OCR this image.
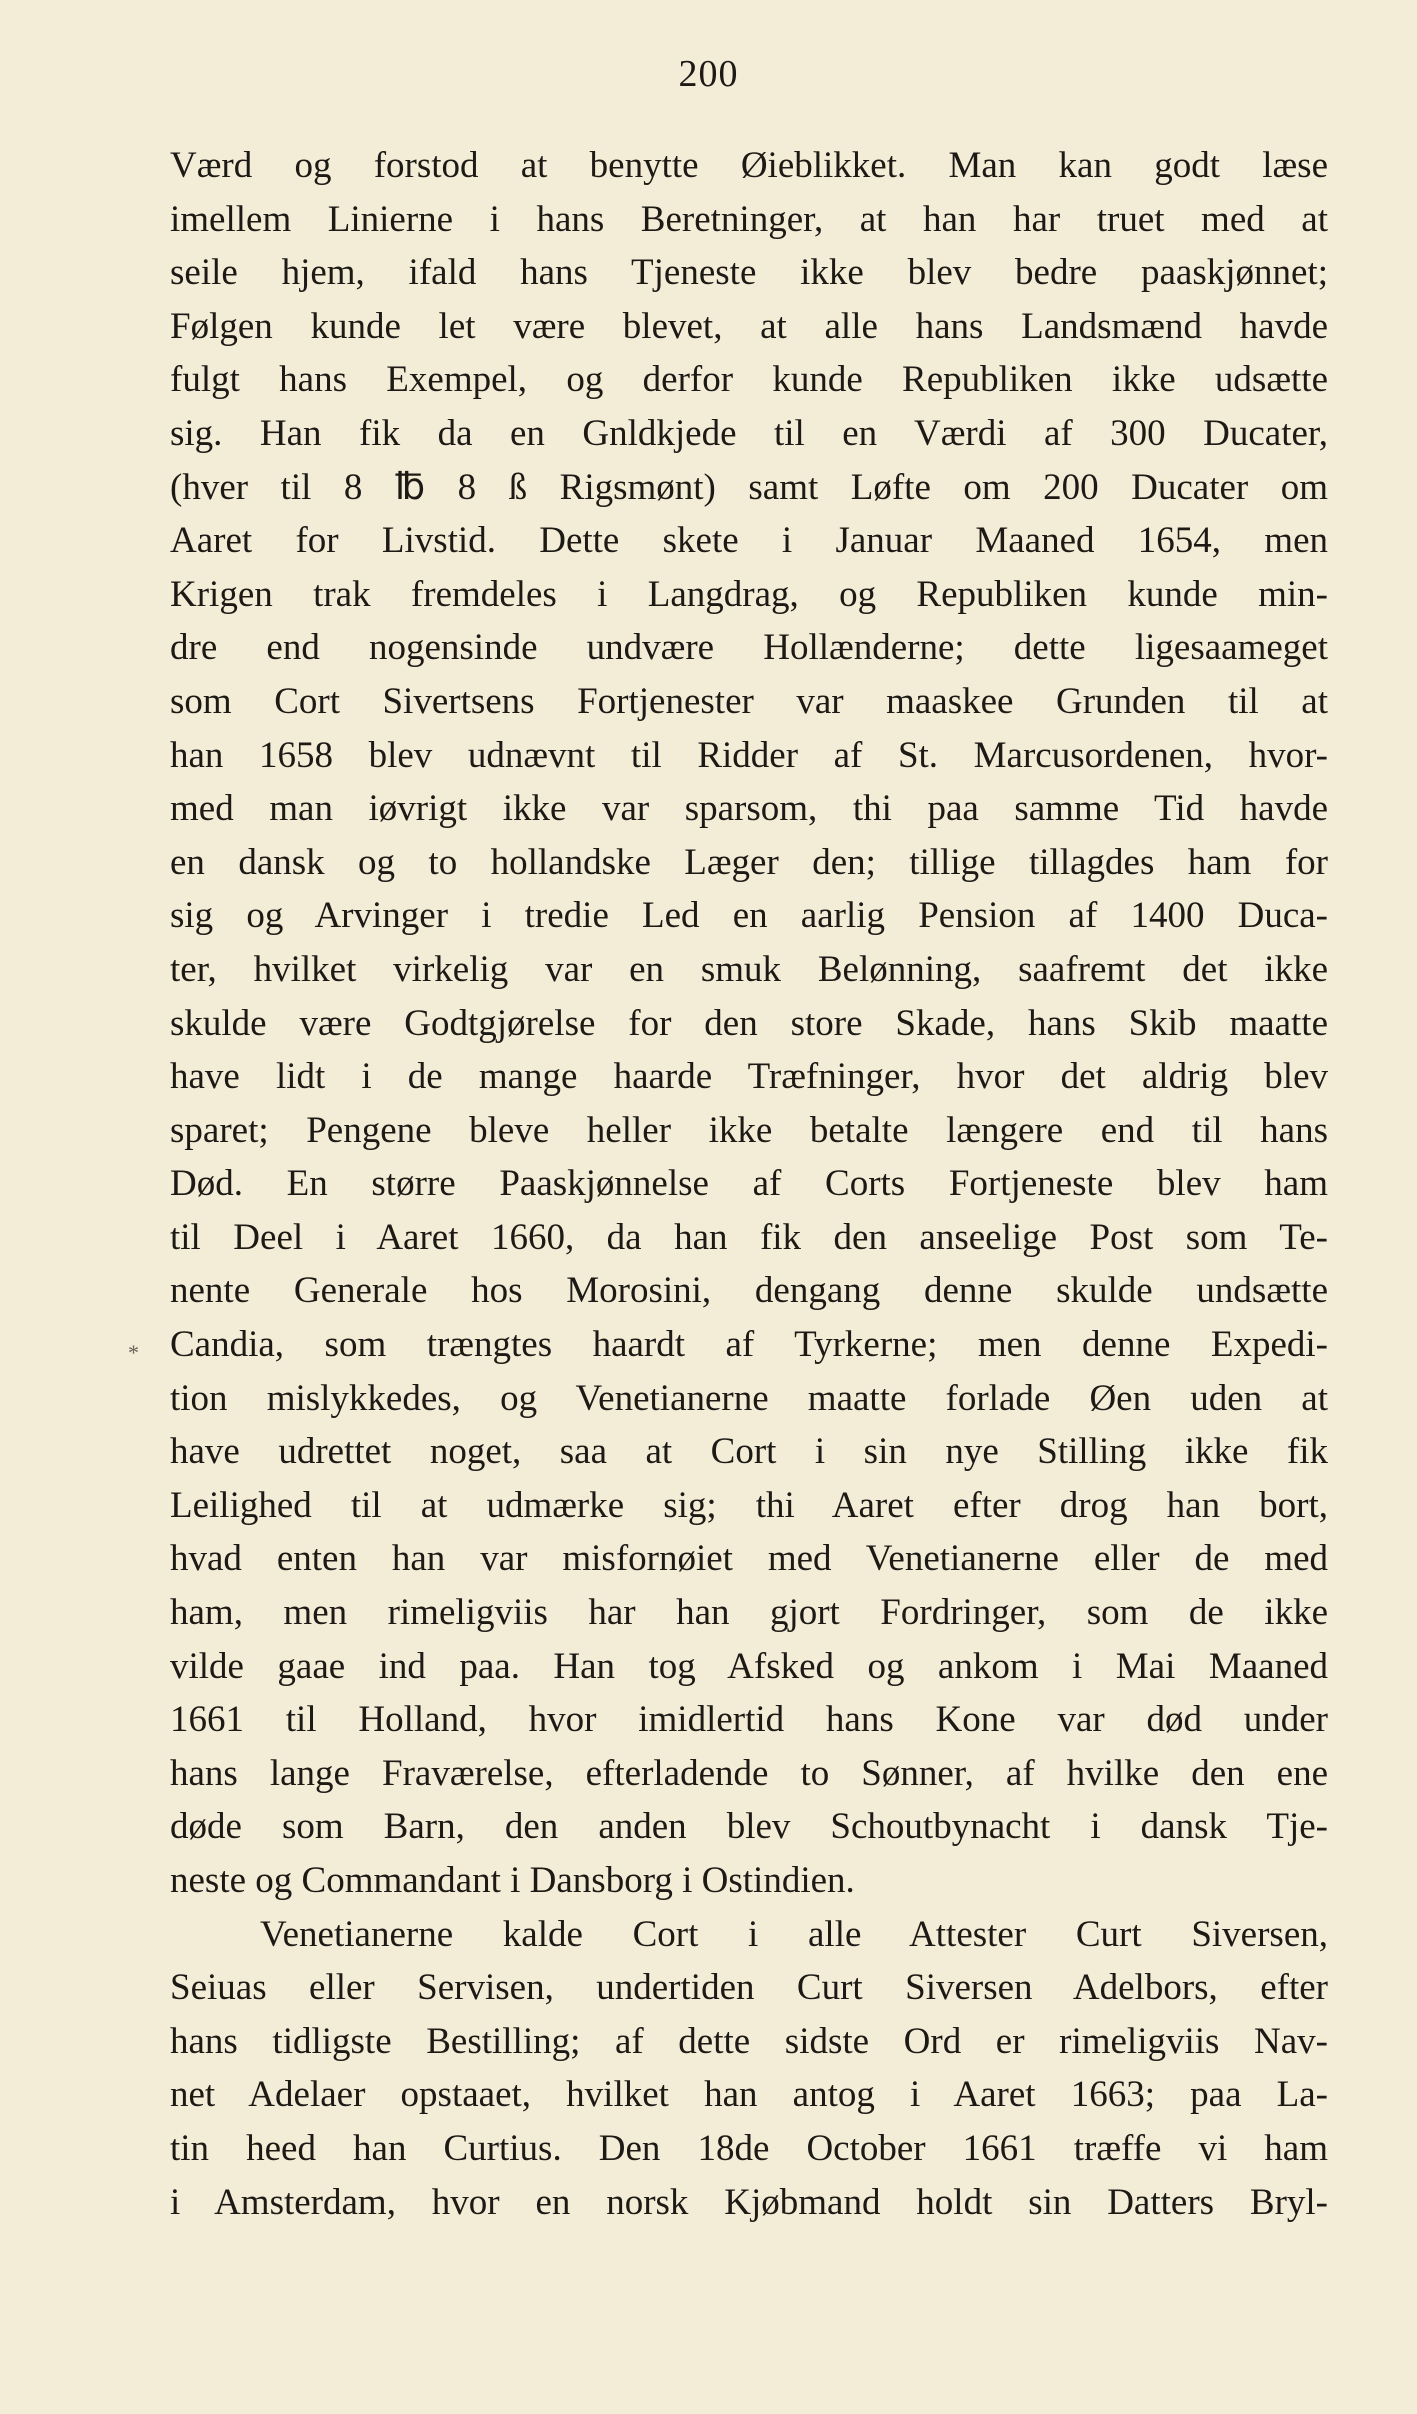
200
*
Værd og forstod at benytte Øieblikket. Man kan godt læse
imellem Linierne i hans Beretninger, at han har truet med at
seile hjem, ifald hans Tjeneste ikke blev bedre paaskjønnet;
Følgen kunde let være blevet, at alle hans Landsmænd havde
fulgt hans Exempel, og derfor kunde Republiken ikke udsætte
sig. Han fik da en Gnldkjede til en Værdi af 300 Ducater,
(hver til 8 ℔ 8 ß Rigsmønt) samt Løfte om 200 Ducater om
Aaret for Livstid. Dette skete i Januar Maaned 1654, men
Krigen trak fremdeles i Langdrag, og Republiken kunde min-
dre end nogensinde undvære Hollænderne; dette ligesaameget
som Cort Sivertsens Fortjenester var maaskee Grunden til at
han 1658 blev udnævnt til Ridder af St. Marcusordenen, hvor-
med man iøvrigt ikke var sparsom, thi paa samme Tid havde
en dansk og to hollandske Læger den; tillige tillagdes ham for
sig og Arvinger i tredie Led en aarlig Pension af 1400 Duca-
ter, hvilket virkelig var en smuk Belønning, saafremt det ikke
skulde være Godtgjørelse for den store Skade, hans Skib maatte
have lidt i de mange haarde Træfninger, hvor det aldrig blev
sparet; Pengene bleve heller ikke betalte længere end til hans
Død. En større Paaskjønnelse af Corts Fortjeneste blev ham
til Deel i Aaret 1660, da han fik den anseelige Post som Te-
nente Generale hos Morosini, dengang denne skulde undsætte
Candia, som trængtes haardt af Tyrkerne; men denne Expedi-
tion mislykkedes, og Venetianerne maatte forlade Øen uden at
have udrettet noget, saa at Cort i sin nye Stilling ikke fik
Leilighed til at udmærke sig; thi Aaret efter drog han bort,
hvad enten han var misfornøiet med Venetianerne eller de med
ham, men rimeligviis har han gjort Fordringer, som de ikke
vilde gaae ind paa. Han tog Afsked og ankom i Mai Maaned
1661 til Holland, hvor imidlertid hans Kone var død under
hans lange Fraværelse, efterladende to Sønner, af hvilke den ene
døde som Barn, den anden blev Schoutbynacht i dansk Tje-
neste og Commandant i Dansborg i Ostindien.
Venetianerne kalde Cort i alle Attester Curt Siversen,
Seiuas eller Servisen, undertiden Curt Siversen Adelbors, efter
hans tidligste Bestilling; af dette sidste Ord er rimeligviis Nav-
net Adelaer opstaaet, hvilket han antog i Aaret 1663; paa La-
tin heed han Curtius. Den 18de October 1661 træffe vi ham
i Amsterdam, hvor en norsk Kjøbmand holdt sin Datters Bryl-
